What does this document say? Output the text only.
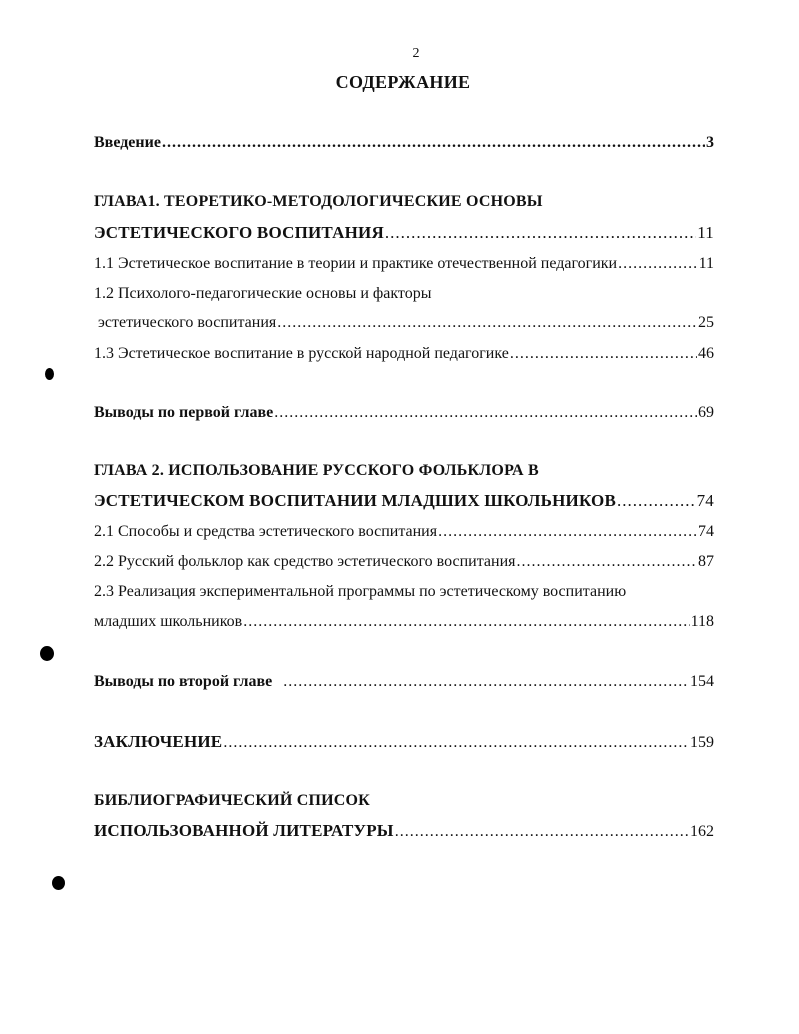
2
СОДЕРЖАНИЕ
Введение .....	3
ГЛАВА1. ТЕОРЕТИКО-МЕТОДОЛОГИЧЕСКИЕ ОСНОВЫ
ЭСТЕТИЧЕСКОГО ВОСПИТАНИЯ .....	11
1.1 Эстетическое воспитание в теории и практике отечественной педагогики .....	11
1.2 Психолого-педагогические основы и факторы
эстетического воспитания .....	25
1.3 Эстетическое воспитание в русской народной педагогике .....	46
Выводы по первой главе .....	69
ГЛАВА 2. ИСПОЛЬЗОВАНИЕ РУССКОГО ФОЛЬКЛОРА В
ЭСТЕТИЧЕСКОМ ВОСПИТАНИИ МЛАДШИХ ШКОЛЬНИКОВ .....	74
2.1 Способы и средства эстетического воспитания .....	74
2.2 Русский фольклор как средство эстетического воспитания .....	87
2.3 Реализация экспериментальной программы по эстетическому воспитанию
младших школьников .....	118
Выводы по второй главе .....	154
ЗАКЛЮЧЕНИЕ .....	159
БИБЛИОГРАФИЧЕСКИЙ СПИСОК
ИСПОЛЬЗОВАННОЙ ЛИТЕРАТУРЫ .....	162
